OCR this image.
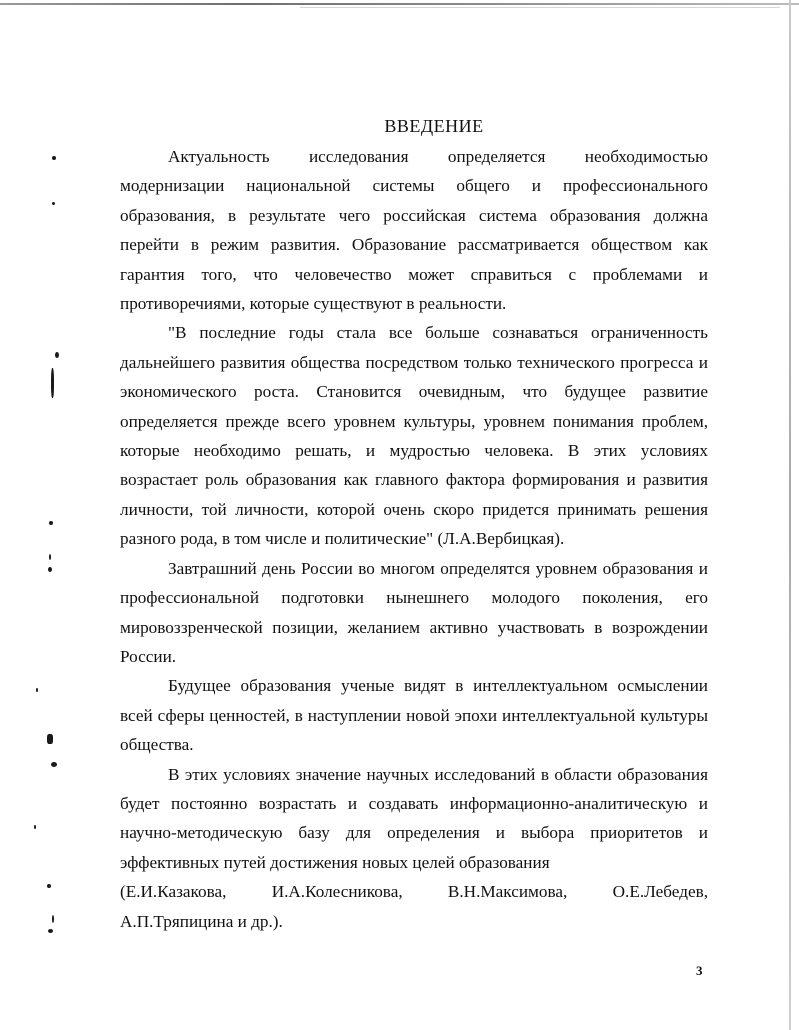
ВВЕДЕНИЕ

Актуальность исследования определяется необходимостью модернизации национальной системы общего и профессионального образования, в результате чего российская система образования должна перейти в режим развития. Образование рассматривается обществом как гарантия того, что человечество может справиться с проблемами и противоречиями, которые существуют в реальности.

"В последние годы стала все больше сознаваться ограниченность дальнейшего развития общества посредством только технического прогресса и экономического роста. Становится очевидным, что будущее развитие определяется прежде всего уровнем культуры, уровнем понимания проблем, которые необходимо решать, и мудростью человека. В этих условиях возрастает роль образования как главного фактора формирования и развития личности, той личности, которой очень скоро придется принимать решения разного рода, в том числе и политические" (Л.А.Вербицкая).

Завтрашний день России во многом определятся уровнем образования и профессиональной подготовки нынешнего молодого поколения, его мировоззренческой позиции, желанием активно участвовать в возрождении России.

Будущее образования ученые видят в интеллектуальном осмыслении всей сферы ценностей, в наступлении новой эпохи интеллектуальной культуры общества.

В этих условиях значение научных исследований в области образования будет постоянно возрастать и создавать информационно-аналитическую и научно-методическую базу для определения и выбора приоритетов и эффективных путей достижения новых целей образования

(Е.И.Казакова,	И.А.Колесникова,	В.Н.Максимова,	О.Е.Лебедев,
А.П.Тряпицина и др.).
3
